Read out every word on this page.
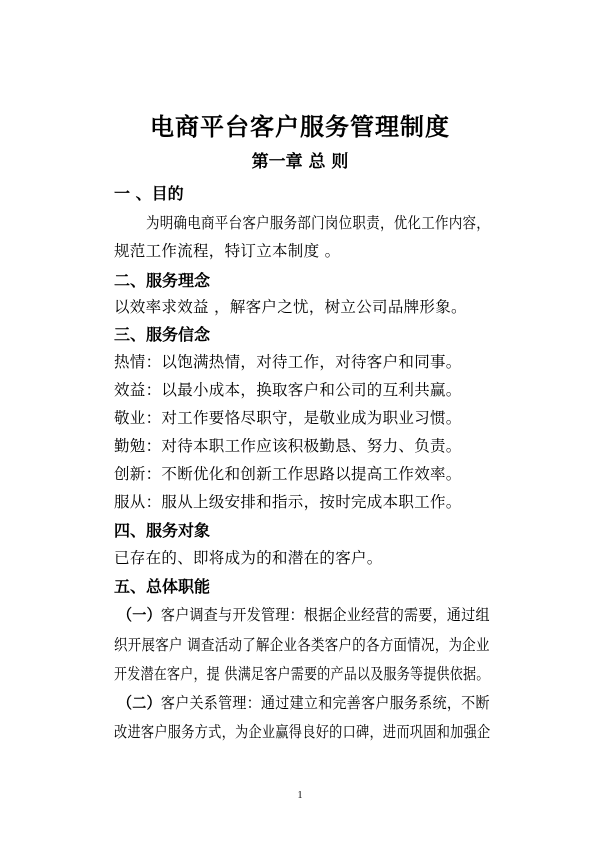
电商平台客户服务管理制度
第一章 总 则
一 、目的
为明确电商平台客户服务部门岗位职责，优化工作内容，
规范工作流程，特订立本制度 。
二、服务理念
以效率求效益 ，解客户之忧，树立公司品牌形象。
三、服务信念
热情：以饱满热情，对待工作，对待客户和同事。
效益：以最小成本，换取客户和公司的互利共赢。
敬业：对工作要恪尽职守，是敬业成为职业习惯。
勤勉：对待本职工作应该积极勤恳、努力、负责。
创新：不断优化和创新工作思路以提高工作效率。
服从：服从上级安排和指示，按时完成本职工作。
四、服务对象
已存在的、即将成为的和潜在的客户。
五、总体职能
（一）客户调查与开发管理：根据企业经营的需要，通过组
织开展客户 调查活动了解企业各类客户的各方面情况，为企业
开发潜在客户，提 供满足客户需要的产品以及服务等提供依据。
（二）客户关系管理：通过建立和完善客户服务系统，不断
改进客户服务方式，为企业赢得良好的口碑，进而巩固和加强企
1
